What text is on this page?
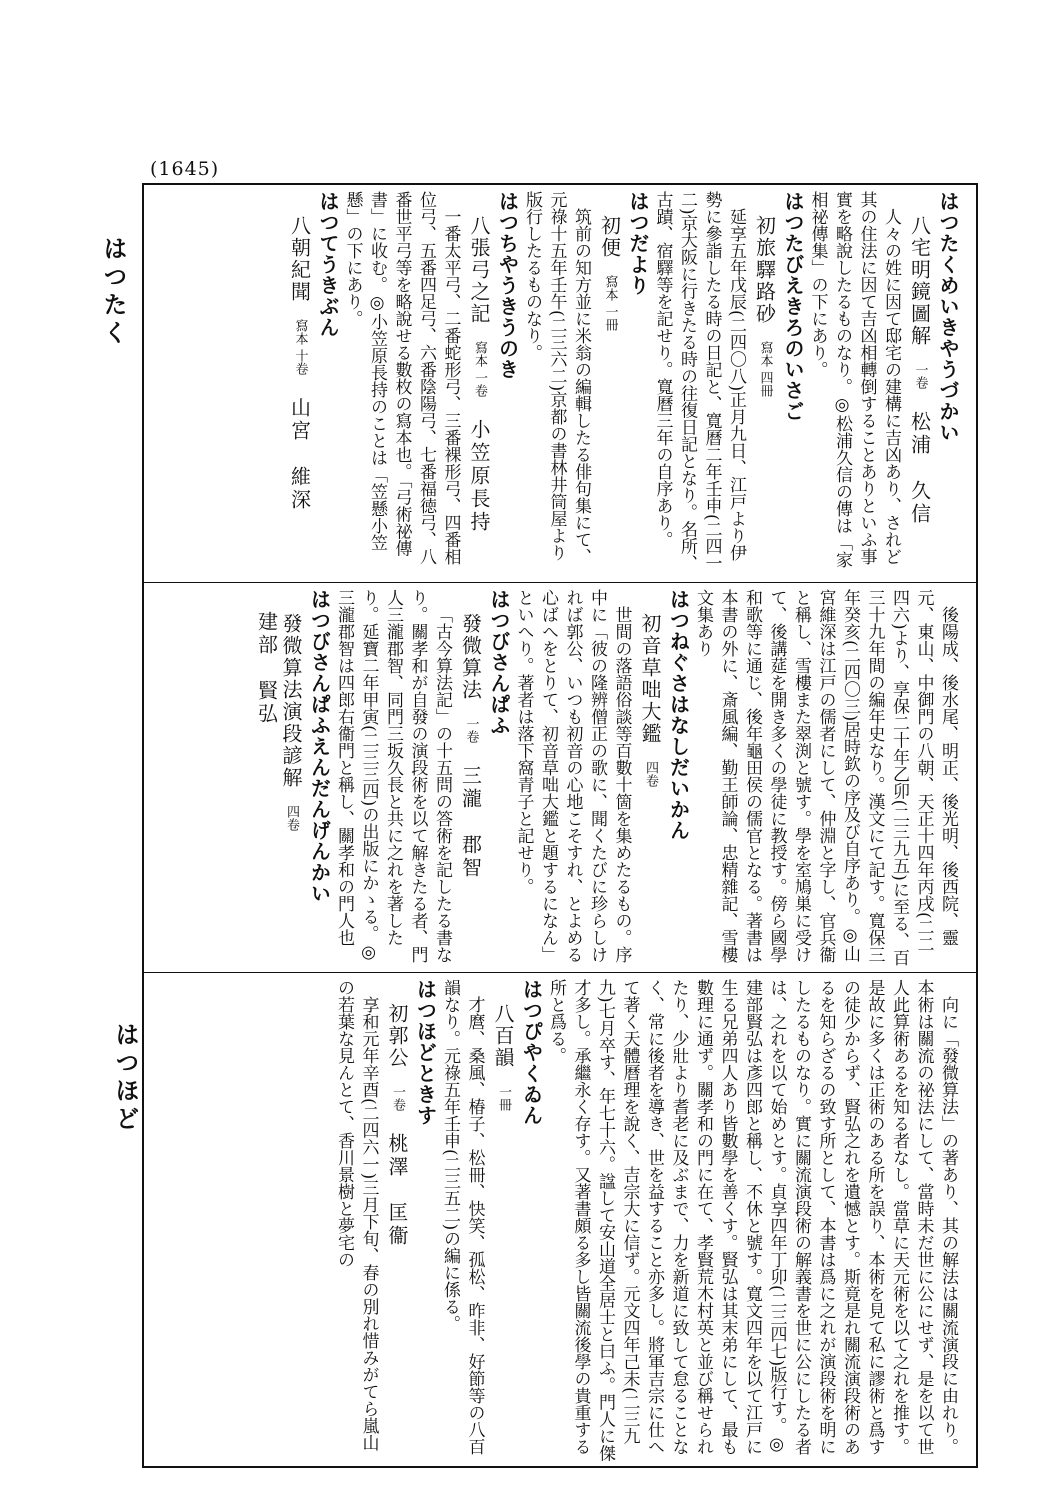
(1645)
はつたく
はつほど
はつたくめいきやうづかい
八宅明鏡圖解一卷松浦　久信
人々の姓に因て邸宅の建構に吉凶あり、されど其の住法に因て吉凶相轉倒することありといふ事實を略說したるものなり。◎松浦久信の傳は「家相祕傳集」の下にあり。
はつたびえきろのいさご
初旅驛路砂寫本 四冊
延享五年戊辰(二四〇八)正月九日、江戸より伊勢に參詣したる時の日記と、寬曆二年壬申(二四一二)京大阪に行きたる時の往復日記となり。名所、古蹟、宿驛等を記せり。寬曆三年の自序あり。
はつだより
初便寫本 一冊
筑前の知方並に米翁の編輯したる俳句集にて、元祿十五年壬午(二三六二)京都の書林井筒屋より版行したるものなり。
はつちやうきうのき
八張弓之記寫本 一卷小笠原長持
一番太平弓、二番蛇形弓、三番裸形弓、四番相位弓、五番四足弓、六番陰陽弓、七番福徳弓、八番世平弓等を略說せる數枚の寫本也。「弓術祕傳書」に收む。◎小笠原長持のことは「笠懸小笠懸」の下にあり。
はつてうきぶん
八朝紀聞寫本 十卷山宮　維深
後陽成、後水尾、明正、後光明、後西院、靈元、東山、中御門の八朝、天正十四年丙戌(二二四六)より、享保二十年乙卯(二三九五)に至る、百三十九年間の編年史なり。漢文にて記す。寬保三年癸亥(二四〇三)居時欽の序及び自序あり。◎山宮維深は江戸の儒者にして、仲淵と字し、官兵衞と稱し、雪樓また翠渕と號す。學を室鳩巣に受けて、後講莚を開き多くの學徒に教授す。傍ら國學和歌等に通じ、後年龜田侯の儒官となる。著書は本書の外に、斎風編、勤王師論、忠精雜記、雪樓文集あり
はつねぐさはなしだいかん
初音草咄大鑑四卷
世間の落語俗談等百數十箇を集めたるもの。序中に「彼の隆辨僧正の歌に、聞くたびに珍らしければ郭公、いつも初音の心地こそすれ、とよめる心ばへをとりて、初音草咄大鑑と題するになん」といへり。著者は落下窩青子と記せり。
はつびさんぱふ
發微算法一卷三瀧　郡智
「古今算法記」の十五問の答術を記したる書なり。關孝和が自發の演段術を以て解きたる者、門人三瀧郡智、同門三坂久長と共に之れを著したり。延寶二年甲寅(二三三四)の出版にかゝる。◎三瀧郡智は四郎右衞門と稱し、關孝和の門人也
はつびさんぱふえんだんげんかい
發微算法演段諺解四卷建部　賢弘
向に「發微算法」の著あり、其の解法は關流演段に由れり。本術は關流の祕法にして、當時未だ世に公にせず、是を以て世人此算術あるを知る者なし。當草に天元術を以て之れを推す。是故に多くは正術のある所を誤り、本術を見て私に謬術と爲すの徒少からず、賢弘之れを遺憾とす。斯竟是れ關流演段術のあるを知らざるの致す所として、本書は爲に之れが演段術を明にしたるものなり。實に關流演段術の解義書を世に公にしたる者は、之れを以て始めとす。貞享四年丁卯(二三四七)版行す。◎建部賢弘は彥四郎と稱し、不休と號す。寬文四年を以て江戸に生る兄弟四人あり皆數學を善くす。賢弘は其末弟にして、最も數理に通ず。關孝和の門に在て、孝賢荒木村英と並び稱せられたり、少壯より耆老に及ぶまで、力を新道に致して怠ることなく、常に後者を導き、世を益すること亦多し。將軍吉宗に仕へて著く天體曆理を說く、吉宗大に信ず。元文四年己未(二三九九)七月卒す、年七十六。諡して安山道全居士と曰ふ。門人に傑才多し。承繼永く存す。又著書頗る多し皆關流後學の貴重する所と爲る。
はつぴやくゐん
八百韻一冊
才麿、桑風、椿子、松冊、快笑、孤松、昨非、好節等の八百韻なり。元祿五年壬申(二三五二)の編に係る。
はつほどときす
初郭公一卷桃澤　匡衞
享和元年辛酉(二四六一)三月下旬、春の別れ惜みがてら嵐山の若葉な見んとて、香川景樹と夢宅の
